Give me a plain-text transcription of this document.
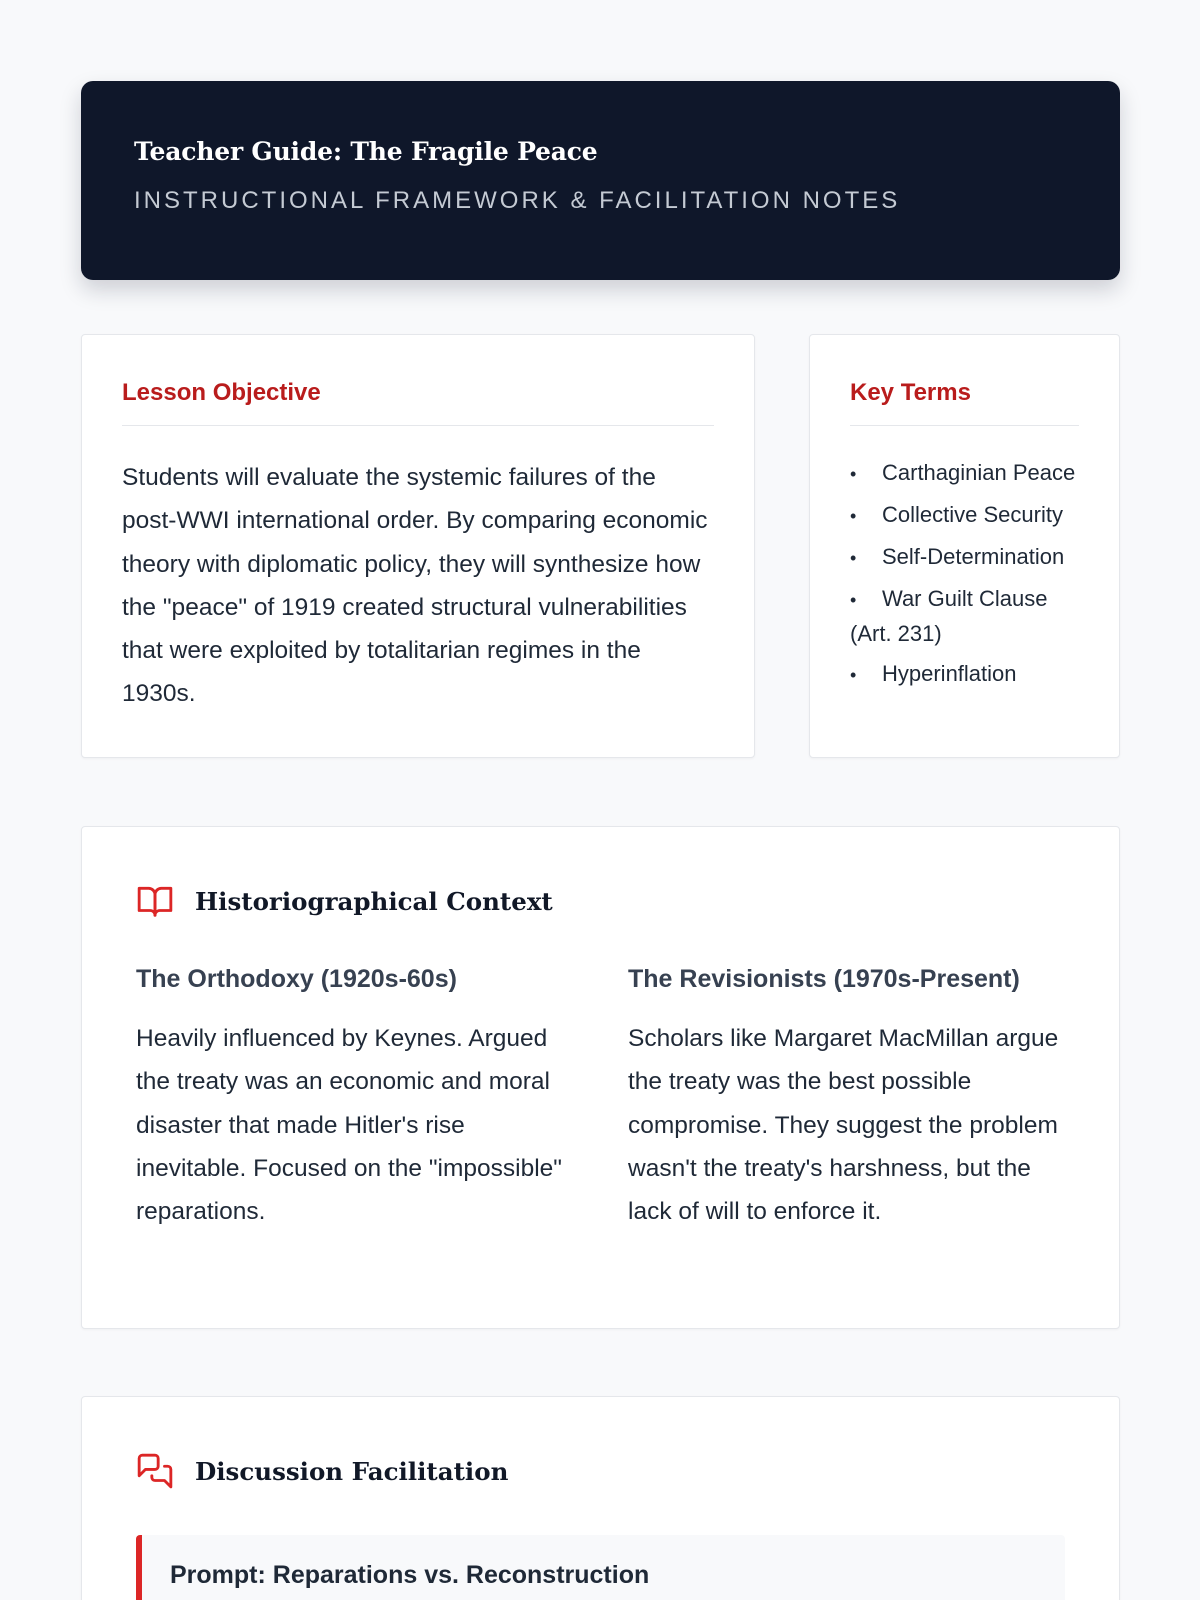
Teacher Guide: The Fragile Peace
INSTRUCTIONAL FRAMEWORK & FACILITATION NOTES
Lesson Objective

Students will evaluate the systemic failures of the post-WWI international order. By comparing economic theory with diplomatic policy, they will synthesize how the "peace" of 1919 created structural vulnerabilities that were exploited by totalitarian regimes in the 1930s.

Key Terms
• Carthaginian Peace
• Collective Security
• Self-Determination
• War Guilt Clause (Art. 231)
• Hyperinflation
Historiographical Context
The Orthodoxy (1920s-60s)

Heavily influenced by Keynes. Argued the treaty was an economic and moral disaster that made Hitler's rise inevitable. Focused on the "impossible" reparations.

The Revisionists (1970s-Present)

Scholars like Margaret MacMillan argue the treaty was the best possible compromise. They suggest the problem wasn't the treaty's harshness, but the lack of will to enforce it.

Discussion Facilitation
Prompt: Reparations vs. Reconstruction
